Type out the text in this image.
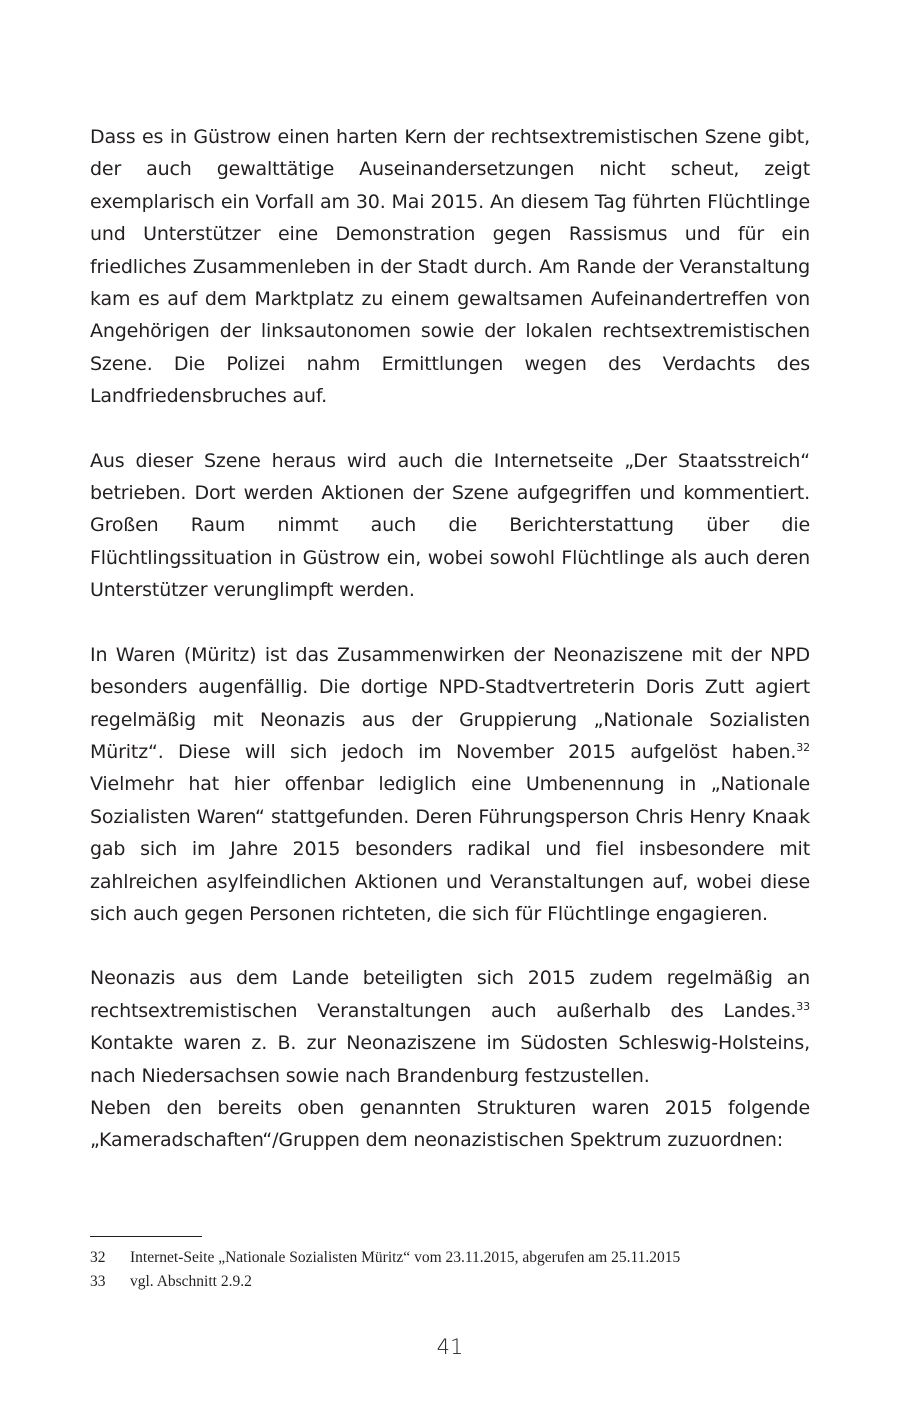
Dass es in Güstrow einen harten Kern der rechtsextremistischen Szene gibt, der auch gewalttätige Auseinandersetzungen nicht scheut, zeigt exemplarisch ein Vorfall am 30. Mai 2015. An diesem Tag führten Flüchtlinge und Unterstützer eine Demonstration gegen Rassismus und für ein friedliches Zusammenleben in der Stadt durch. Am Rande der Veranstaltung kam es auf dem Marktplatz zu einem gewaltsamen Aufeinandertreffen von Angehörigen der linksautonomen sowie der lokalen rechtsextremistischen Szene. Die Polizei nahm Ermittlungen wegen des Verdachts des Landfriedensbruches auf.

Aus dieser Szene heraus wird auch die Internetseite „Der Staatsstreich“ betrieben. Dort werden Aktionen der Szene aufgegriffen und kommentiert. Großen Raum nimmt auch die Berichterstattung über die Flüchtlingssituation in Güstrow ein, wobei sowohl Flüchtlinge als auch deren Unterstützer verunglimpft werden.

In Waren (Müritz) ist das Zusammenwirken der Neonaziszene mit der NPD besonders augenfällig. Die dortige NPD-Stadtvertreterin Doris Zutt agiert regelmäßig mit Neonazis aus der Gruppierung „Nationale Sozialisten Müritz“. Diese will sich jedoch im November 2015 aufgelöst haben.$^{32}$ Vielmehr hat hier offenbar lediglich eine Umbenennung in „Nationale Sozialisten Waren“ stattgefunden. Deren Führungsperson Chris Henry Knaak gab sich im Jahre 2015 besonders radikal und fiel insbesondere mit zahlreichen asylfeindlichen Aktionen und Veranstaltungen auf, wobei diese sich auch gegen Personen richteten, die sich für Flüchtlinge engagieren.

Neonazis aus dem Lande beteiligten sich 2015 zudem regelmäßig an rechtsextremistischen Veranstaltungen auch außerhalb des Landes.$^{33}$ Kontakte waren z. B. zur Neonaziszene im Südosten Schleswig-Holsteins, nach Niedersachsen sowie nach Brandenburg festzustellen.

Neben den bereits oben genannten Strukturen waren 2015 folgende „Kameradschaften“/Gruppen dem neonazistischen Spektrum zuzuordnen:

32	Internet-Seite „Nationale Sozialisten Müritz“ vom 23.11.2015, abgerufen am 25.11.2015
33	vgl. Abschnitt 2.9.2
41
